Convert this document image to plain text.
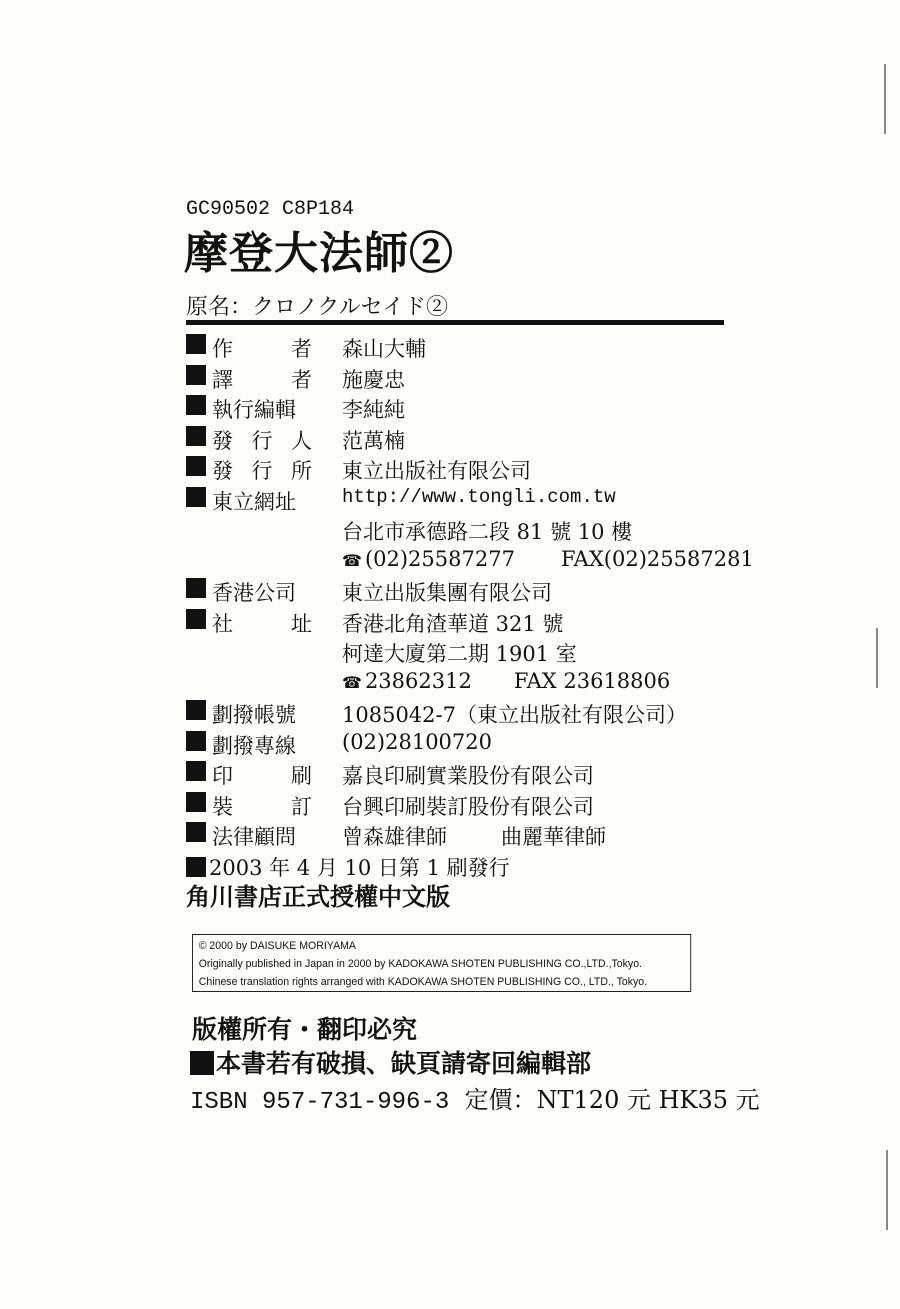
GC90502 C8P184
摩登大法師②
原名：クロノクルセイド②
作	者 森山大輔
譯	者 施慶忠
執行編輯	李純純
發 行 人 范萬楠
發 行 所 東立出版社有限公司
東立網址	http://www.tongli.com.tw
台北市承德路二段 81 號 10 樓
☎ (02)25587277 FAX(02)25587281
香港公司	東立出版集團有限公司
社	址 香港北角渣華道 321 號
柯達大廈第二期 1901 室
☎ 23862312 FAX 23618806
劃撥帳號	1085042-7（東立出版社有限公司）
劃撥專線	(02)28100720
印	刷 嘉良印刷實業股份有限公司
裝	訂 台興印刷裝訂股份有限公司
法律顧問	曾森雄律師	曲麗華律師
2003 年 4 月 10 日第 1 刷發行
角川書店正式授權中文版
© 2000 by DAISUKE MORIYAMA
Originally published in Japan in 2000 by KADOKAWA SHOTEN PUBLISHING CO.,LTD.,Tokyo.
Chinese translation rights arranged with KADOKAWA SHOTEN PUBLISHING CO., LTD., Tokyo.
版權所有・翻印必究
本書若有破損、缺頁請寄回編輯部
ISBN 957-731-996-3 定價：NT120 元 HK35 元
